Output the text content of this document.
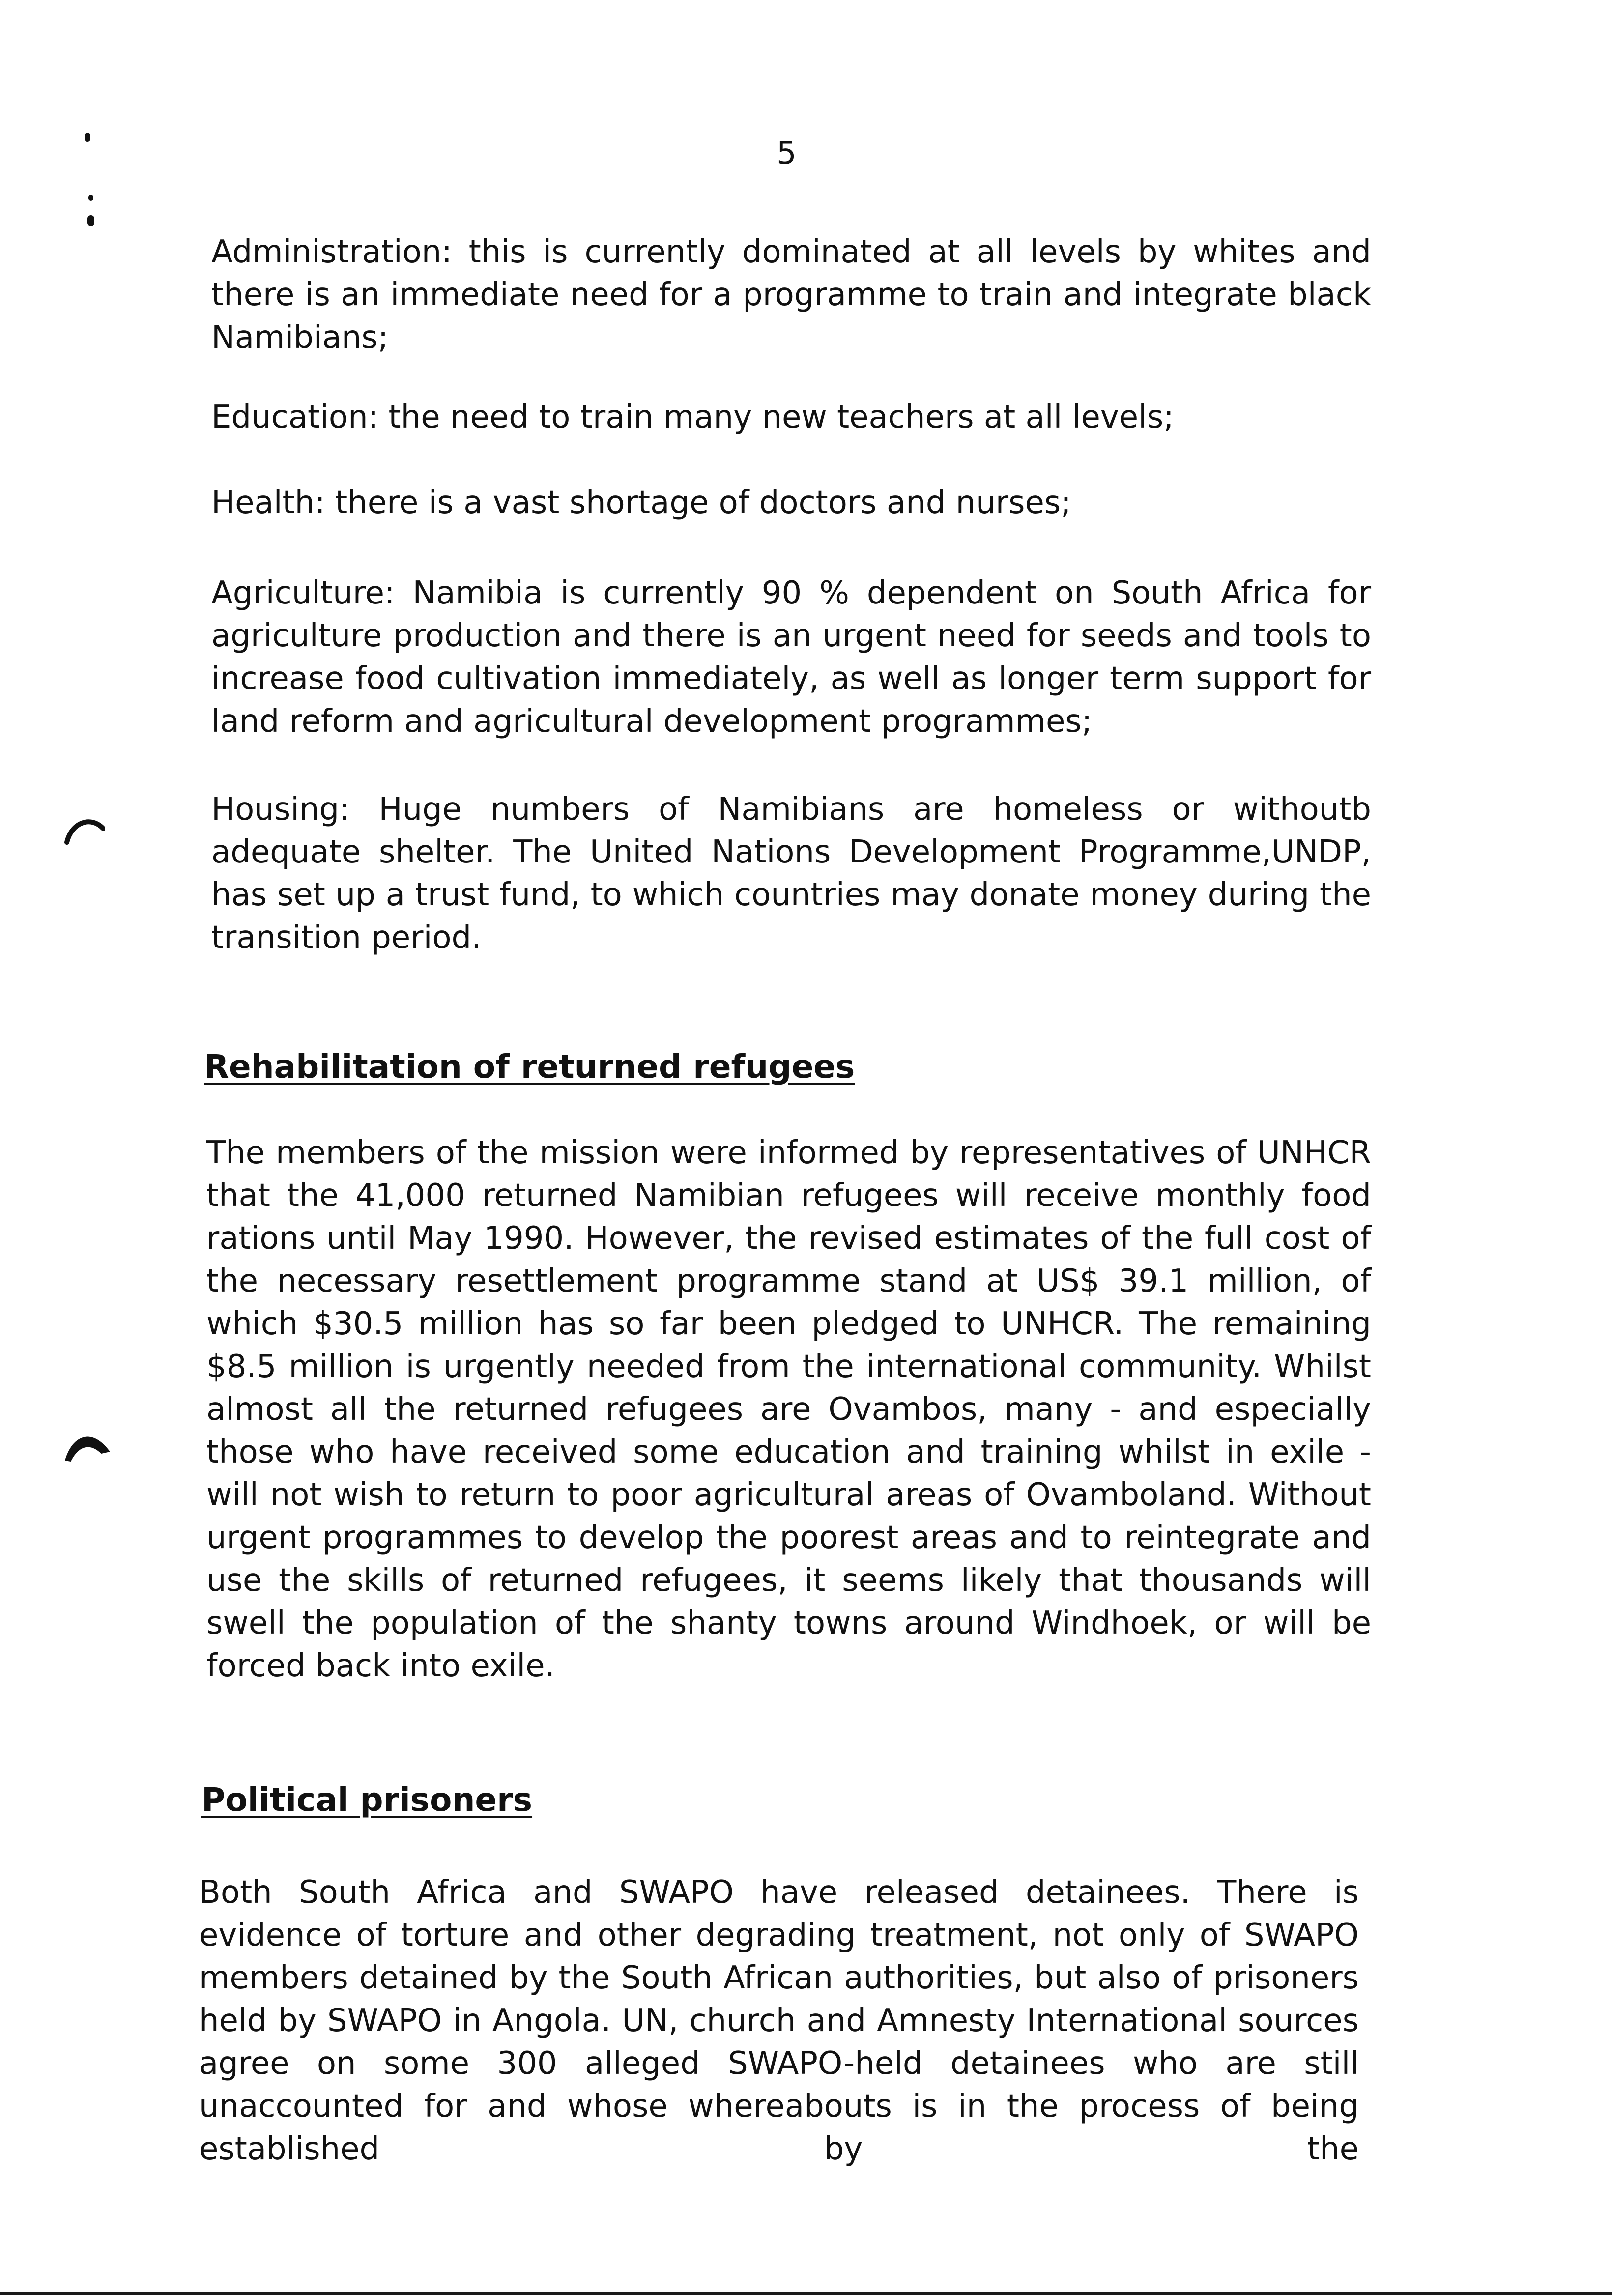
5

Administration: this is currently dominated at all levels by whites and there is an immediate need for a programme to train and integrate black Namibians;

Education: the need to train many new teachers at all levels;

Health: there is a vast shortage of doctors and nurses;

Agriculture: Namibia is currently 90 % dependent on South Africa for agriculture production and there is an urgent need for seeds and tools to increase food cultivation immediately, as well as longer term support for land reform and agricultural development programmes;

Housing: Huge numbers of Namibians are homeless or withoutb adequate shelter. The United Nations Development Programme,UNDP, has set up a trust fund, to which countries may donate money during the transition period.

Rehabilitation of returned refugees

The members of the mission were informed by representatives of UNHCR that the 41,000 returned Namibian refugees will receive monthly food rations until May 1990. However, the revised estimates of the full cost of the necessary resettlement programme stand at US$ 39.1 million, of which $30.5 million has so far been pledged to UNHCR. The remaining $8.5 million is urgently needed from the international community. Whilst almost all the returned refugees are Ovambos, many - and especially those who have received some education and training whilst in exile - will not wish to return to poor agricultural areas of Ovamboland. Without urgent programmes to develop the poorest areas and to reintegrate and use the skills of returned refugees, it seems likely that thousands will swell the population of the shanty towns around Windhoek, or will be forced back into exile.

Political prisoners

Both South Africa and SWAPO have released detainees. There is evidence of torture and other degrading treatment, not only of SWAPO members detained by the South African authorities, but also of prisoners held by SWAPO in Angola. UN, church and Amnesty International sources agree on some 300 alleged SWAPO-held detainees who are still unaccounted for and whose whereabouts is in the process of being established by the
